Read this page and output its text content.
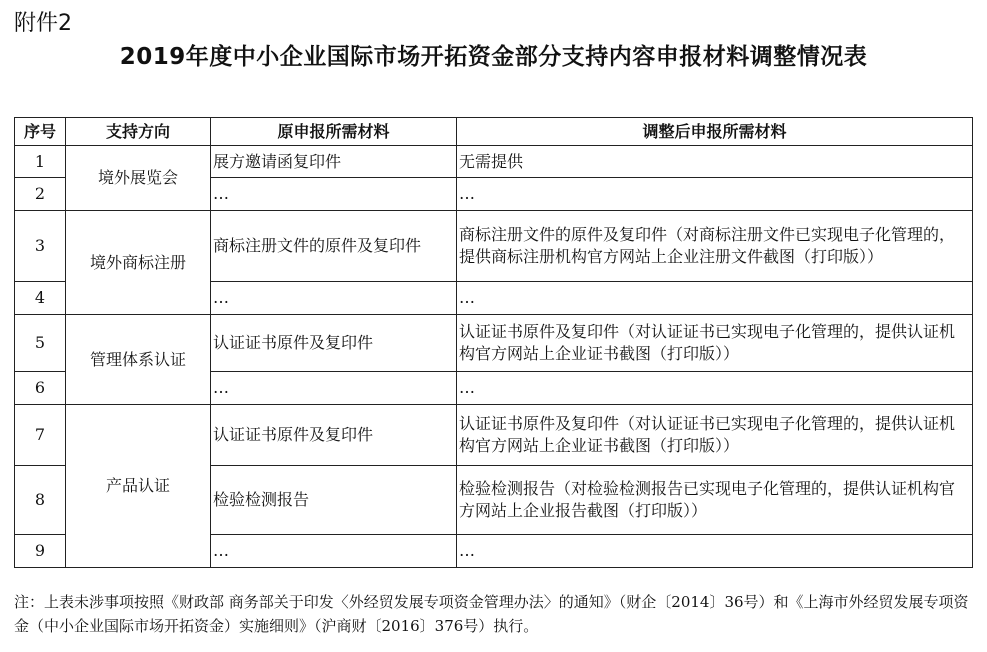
附件2
2019年度中小企业国际市场开拓资金部分支持内容申报材料调整情况表
序号	支持方向	原申报所需材料	调整后申报所需材料
1	境外展览会	展方邀请函复印件	无需提供
2		…	…
3	境外商标注册	商标注册文件的原件及复印件	商标注册文件的原件及复印件（对商标注册文件已实现电子化管理的，提供商标注册机构官方网站上企业注册文件截图（打印版））
4		…	…
5	管理体系认证	认证证书原件及复印件	认证证书原件及复印件（对认证证书已实现电子化管理的，提供认证机构官方网站上企业证书截图（打印版））
6		…	…
7	产品认证	认证证书原件及复印件	认证证书原件及复印件（对认证证书已实现电子化管理的，提供认证机构官方网站上企业证书截图（打印版））
8		检验检测报告	检验检测报告（对检验检测报告已实现电子化管理的，提供认证机构官方网站上企业报告截图（打印版））
9		…	…
注：上表未涉事项按照《财政部 商务部关于印发〈外经贸发展专项资金管理办法〉的通知》（财企〔2014〕36号）和《上海市外经贸发展专项资金（中小企业国际市场开拓资金）实施细则》（沪商财〔2016〕376号）执行。
